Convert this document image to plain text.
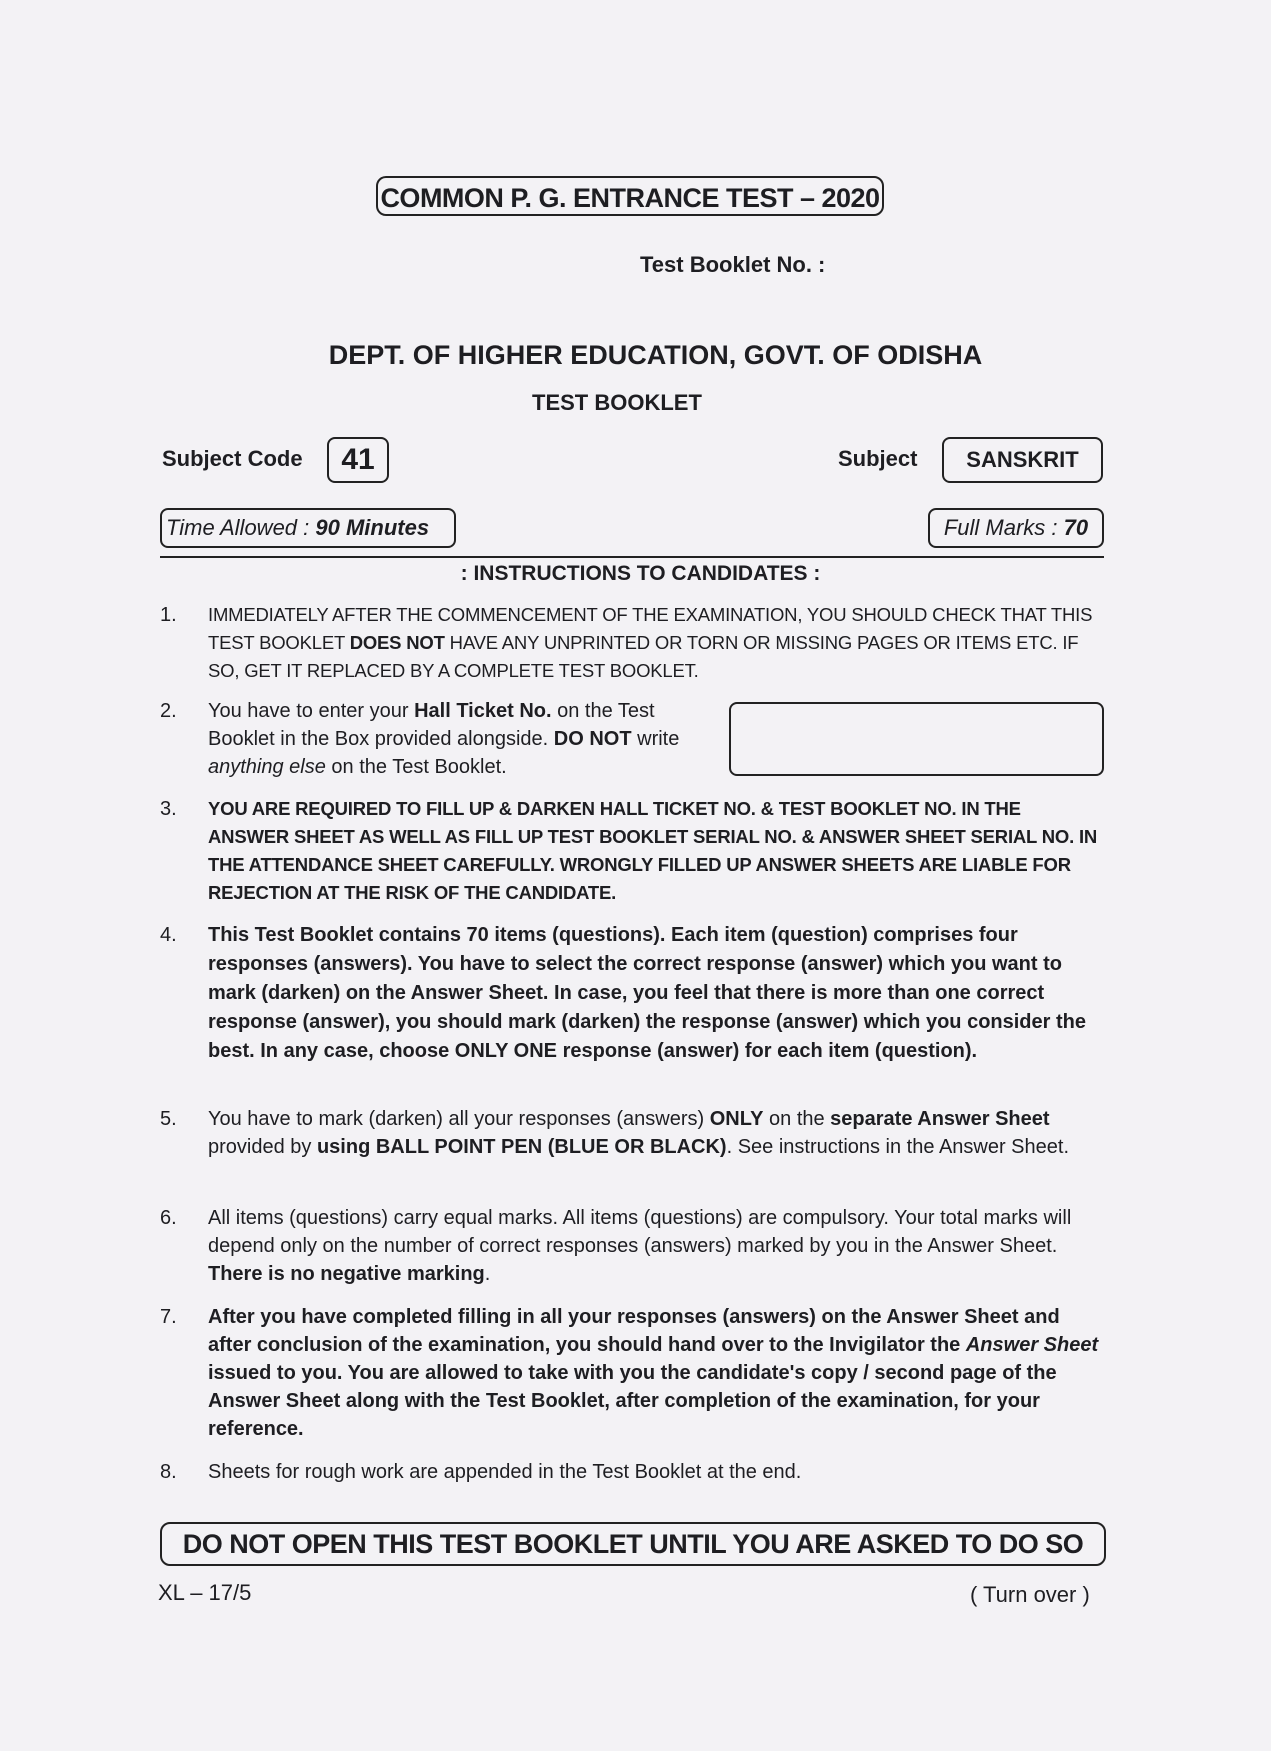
COMMON P. G. ENTRANCE TEST – 2020
Test Booklet No. :
DEPT. OF HIGHER EDUCATION, GOVT. OF ODISHA
TEST BOOKLET
Subject Code	41	Subject	SANSKRIT
Time Allowed : 90 Minutes	Full Marks : 70
: INSTRUCTIONS TO CANDIDATES :
1.	IMMEDIATELY AFTER THE COMMENCEMENT OF THE EXAMINATION, YOU SHOULD CHECK THAT THIS TEST BOOKLET DOES NOT HAVE ANY UNPRINTED OR TORN OR MISSING PAGES OR ITEMS ETC. IF SO, GET IT REPLACED BY A COMPLETE TEST BOOKLET.
2.	You have to enter your Hall Ticket No. on the Test Booklet in the Box provided alongside. DO NOT write anything else on the Test Booklet.
3.	YOU ARE REQUIRED TO FILL UP & DARKEN HALL TICKET NO. & TEST BOOKLET NO. IN THE ANSWER SHEET AS WELL AS FILL UP TEST BOOKLET SERIAL NO. & ANSWER SHEET SERIAL NO. IN THE ATTENDANCE SHEET CAREFULLY. WRONGLY FILLED UP ANSWER SHEETS ARE LIABLE FOR REJECTION AT THE RISK OF THE CANDIDATE.
4.	This Test Booklet contains 70 items (questions). Each item (question) comprises four responses (answers). You have to select the correct response (answer) which you want to mark (darken) on the Answer Sheet. In case, you feel that there is more than one correct response (answer), you should mark (darken) the response (answer) which you consider the best. In any case, choose ONLY ONE response (answer) for each item (question).
5.	You have to mark (darken) all your responses (answers) ONLY on the separate Answer Sheet provided by using BALL POINT PEN (BLUE OR BLACK). See instructions in the Answer Sheet.
6.	All items (questions) carry equal marks. All items (questions) are compulsory. Your total marks will depend only on the number of correct responses (answers) marked by you in the Answer Sheet. There is no negative marking.
7.	After you have completed filling in all your responses (answers) on the Answer Sheet and after conclusion of the examination, you should hand over to the Invigilator the Answer Sheet issued to you. You are allowed to take with you the candidate's copy / second page of the Answer Sheet along with the Test Booklet, after completion of the examination, for your reference.
8.	Sheets for rough work are appended in the Test Booklet at the end.
DO NOT OPEN THIS TEST BOOKLET UNTIL YOU ARE ASKED TO DO SO
XL – 17/5	( Turn over )
